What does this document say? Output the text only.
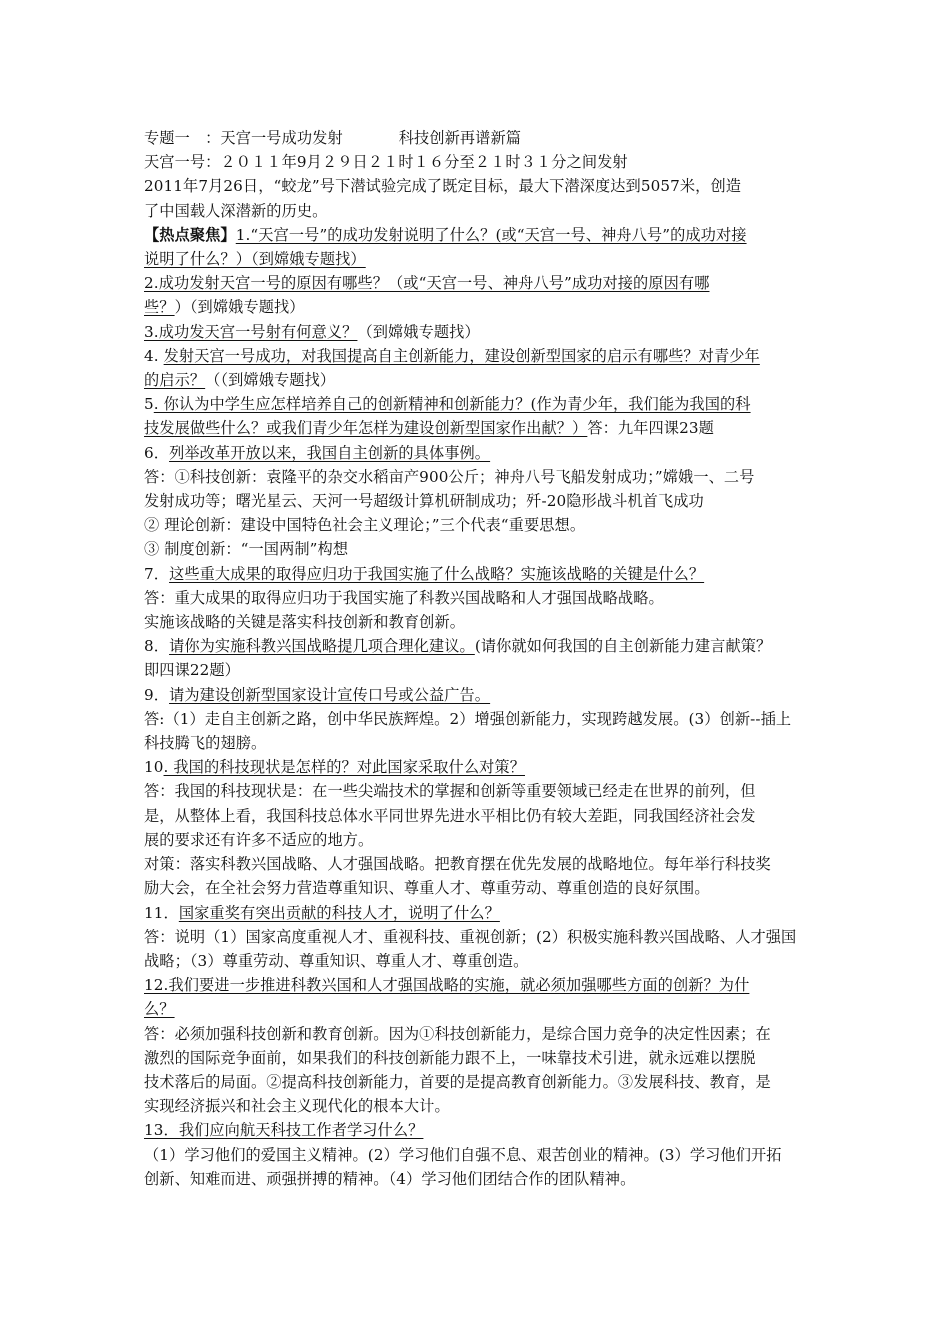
专题一　：天宫一号成功发射	科技创新再谱新篇
天宫一号：２０１１年9月２９日２１时１６分至２１时３１分之间发射
2011年7月26日，“蛟龙”号下潜试验完成了既定目标，最大下潜深度达到5057米，创造
了中国载人深潜新的历史。
【热点聚焦】1.“天宫一号”的成功发射说明了什么？(或“天宫一号、神舟八号”的成功对接
说明了什么？）（到嫦娥专题找）
2.成功发射天宫一号的原因有哪些？（或“天宫一号、神舟八号”成功对接的原因有哪
些？）（到嫦娥专题找）
3.成功发天宫一号射有何意义？（到嫦娥专题找）
4. 发射天宫一号成功，对我国提高自主创新能力，建设创新型国家的启示有哪些？对青少年
的启示？（（到嫦娥专题找）
5. 你认为中学生应怎样培养自己的创新精神和创新能力？(作为青少年，我们能为我国的科
技发展做些什么？或我们青少年怎样为建设创新型国家作出献？）答：九年四课23题
6．列举改革开放以来，我国自主创新的具体事例。
答：①科技创新：袁隆平的杂交水稻亩产900公斤；神舟八号飞船发射成功；”嫦娥一、二号
发射成功等；曙光星云、天河一号超级计算机研制成功；歼-20隐形战斗机首飞成功
② 理论创新：建设中国特色社会主义理论；”三个代表“重要思想。
③ 制度创新：“一国两制”构想
7．这些重大成果的取得应归功于我国实施了什么战略？实施该战略的关键是什么？
答：重大成果的取得应归功于我国实施了科教兴国战略和人才强国战略战略。
实施该战略的关键是落实科技创新和教育创新。
8．请你为实施科教兴国战略提几项合理化建议。(请你就如何我国的自主创新能力建言献策？
即四课22题）
9．请为建设创新型国家设计宣传口号或公益广告。
答:（1）走自主创新之路，创中华民族辉煌。2）增强创新能力，实现跨越发展。(3）创新--插上
科技腾飞的翅膀。
10. 我国的科技现状是怎样的？对此国家采取什么对策？
答：我国的科技现状是：在一些尖端技术的掌握和创新等重要领域已经走在世界的前列，但
是，从整体上看，我国科技总体水平同世界先进水平相比仍有较大差距，同我国经济社会发
展的要求还有许多不适应的地方。
对策：落实科教兴国战略、人才强国战略。把教育摆在优先发展的战略地位。每年举行科技奖
励大会，在全社会努力营造尊重知识、尊重人才、尊重劳动、尊重创造的良好氛围。
11．国家重奖有突出贡献的科技人才，说明了什么？
答：说明（1）国家高度重视人才、重视科技、重视创新；(2）积极实施科教兴国战略、人才强国
战略；（3）尊重劳动、尊重知识、尊重人才、尊重创造。
12.我们要进一步推进科教兴国和人才强国战略的实施，就必须加强哪些方面的创新？为什
么？
答：必须加强科技创新和教育创新。因为①科技创新能力，是综合国力竞争的决定性因素；在
激烈的国际竞争面前，如果我们的科技创新能力跟不上，一味靠技术引进，就永远难以摆脱
技术落后的局面。②提高科技创新能力，首要的是提高教育创新能力。③发展科技、教育，是
实现经济振兴和社会主义现代化的根本大计。
13．我们应向航天科技工作者学习什么？
（1）学习他们的爱国主义精神。(2）学习他们自强不息、艰苦创业的精神。(3）学习他们开拓
创新、知难而进、顽强拼搏的精神。（4）学习他们团结合作的团队精神。
